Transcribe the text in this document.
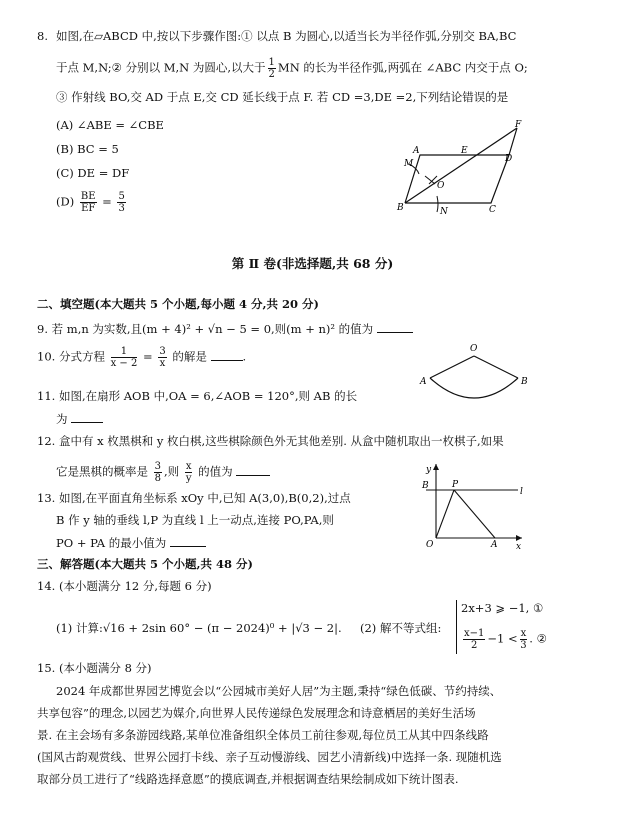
8. 如图,在▱ABCD 中,按以下步骤作图:① 以点 B 为圆心,以适当长为半径作弧,分别交 BA,BC
于点 M,N;② 分别以 M,N 为圆心,以大于 $\frac{1}{2}$ MN 的长为半径作弧,两弧在 ∠ABC 内交于点 O;
③ 作射线 BO,交 AD 于点 E,交 CD 延长线于点 F. 若 CD =3,DE =2,下列结论错误的是
(A) ∠ABE = ∠CBE
(B) BC = 5
(C) DE = DF
$(D) \frac{BE}{EF} = \frac{5}{3}$
A
B	C
D
E
F
M
N
O
第 Ⅱ 卷(非选择题,共 68 分)
二、填空题(本大题共 5 个小题,每小题 4 分,共 20 分)
9. 若 m,n 为实数,且(m + 4)² + √n − 5 = 0,则(m + n)² 的值为
10. 分式方程 $\frac{1}{x - 2} = \frac{3}{x}$ 的解是	.
11. 如图,在扇形 AOB 中,OA = 6,∠AOB = 120°,则 AB 的长
为
O
A	B
12. 盒中有 x 枚黑棋和 y 枚白棋,这些棋除颜色外无其他差别. 从盒中随机取出一枚棋子,如果
它是黑棋的概率是 $\frac{3}{8}$ ,则 $\frac{x}{y}$ 的值为
13. 如图,在平面直角坐标系 xOy 中,已知 A(3,0),B(0,2),过点
B 作 y 轴的垂线 l,P 为直线 l 上一动点,连接 PO,PA,则
PO + PA 的最小值为
y
B	P
l
O	A x
三、解答题(本大题共 5 个小题,共 48 分)
14. (本小题满分 12 分,每题 6 分)
(1) 计算:√16 + 2sin 60° − (π − 2024)⁰ + |√3 − 2|. (2) 解不等式组:
2x+3 ⩾ −1, ①
$\frac{x-1}{2} -1 < \frac{x}{3}$ . ②
15. (本小题满分 8 分)
2024 年成都世界园艺博览会以“公园城市美好人居”为主题,秉持“绿色低碳、节约持续、
共享包容”的理念,以园艺为媒介,向世界人民传递绿色发展理念和诗意栖居的美好生活场
景. 在主会场有多条游园线路,某单位准备组织全体员工前往参观,每位员工从其中四条线路
(国风古韵观赏线、世界公园打卡线、亲子互动慢游线、园艺小清新线)中选择一条. 现随机选
取部分员工进行了“线路选择意愿”的摸底调查,并根据调查结果绘制成如下统计图表.
